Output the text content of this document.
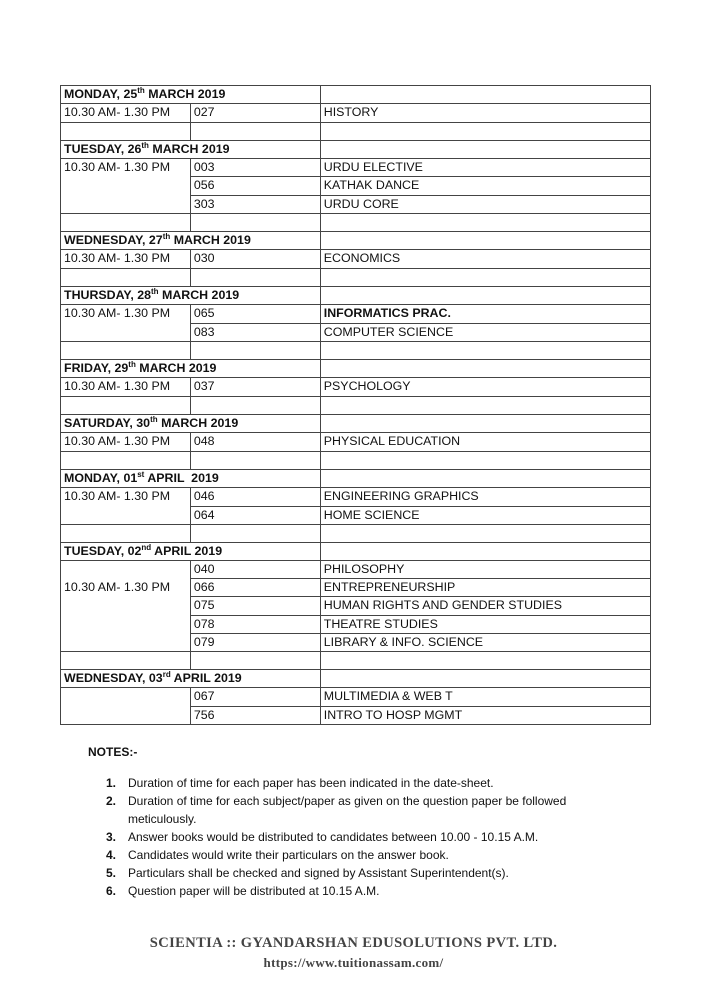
MONDAY, 25th MARCH 2019		

10.30 AM- 1.30 PM	027	HISTORY

TUESDAY, 26th MARCH 2019		

10.30 AM- 1.30 PM	003	URDU ELECTIVE
	056	KATHAK DANCE
	303	URDU CORE

WEDNESDAY, 27th MARCH 2019		

10.30 AM- 1.30 PM	030	ECONOMICS

THURSDAY, 28th MARCH 2019		

10.30 AM- 1.30 PM	065	INFORMATICS PRAC.
	083	COMPUTER SCIENCE

FRIDAY, 29th MARCH 2019		

10.30 AM- 1.30 PM	037	PSYCHOLOGY

SATURDAY, 30th MARCH 2019		

10.30 AM- 1.30 PM	048	PHYSICAL EDUCATION

MONDAY, 01st APRIL  2019		

10.30 AM- 1.30 PM	046	ENGINEERING GRAPHICS
	064	HOME SCIENCE

TUESDAY, 02nd APRIL 2019		

10.30 AM- 1.30 PM	040	PHILOSOPHY
	066	ENTREPRENEURSHIP
	075	HUMAN RIGHTS AND GENDER STUDIES
	078	THEATRE STUDIES
	079	LIBRARY & INFO. SCIENCE

WEDNESDAY, 03rd APRIL 2019		

	067	MULTIMEDIA & WEB T
	756	INTRO TO HOSP MGMT
NOTES:-
1. Duration of time for each paper has been indicated in the date-sheet.
2. Duration of time for each subject/paper as given on the question paper be followed meticulously.
3. Answer books would be distributed to candidates between 10.00 - 10.15 A.M.
4. Candidates would write their particulars on the answer book.
5. Particulars shall be checked and signed by Assistant Superintendent(s).
6. Question paper will be distributed at 10.15 A.M.
SCIENTIA :: GYANDARSHAN EDUSOLUTIONS PVT. LTD.
https://www.tuitionassam.com/
